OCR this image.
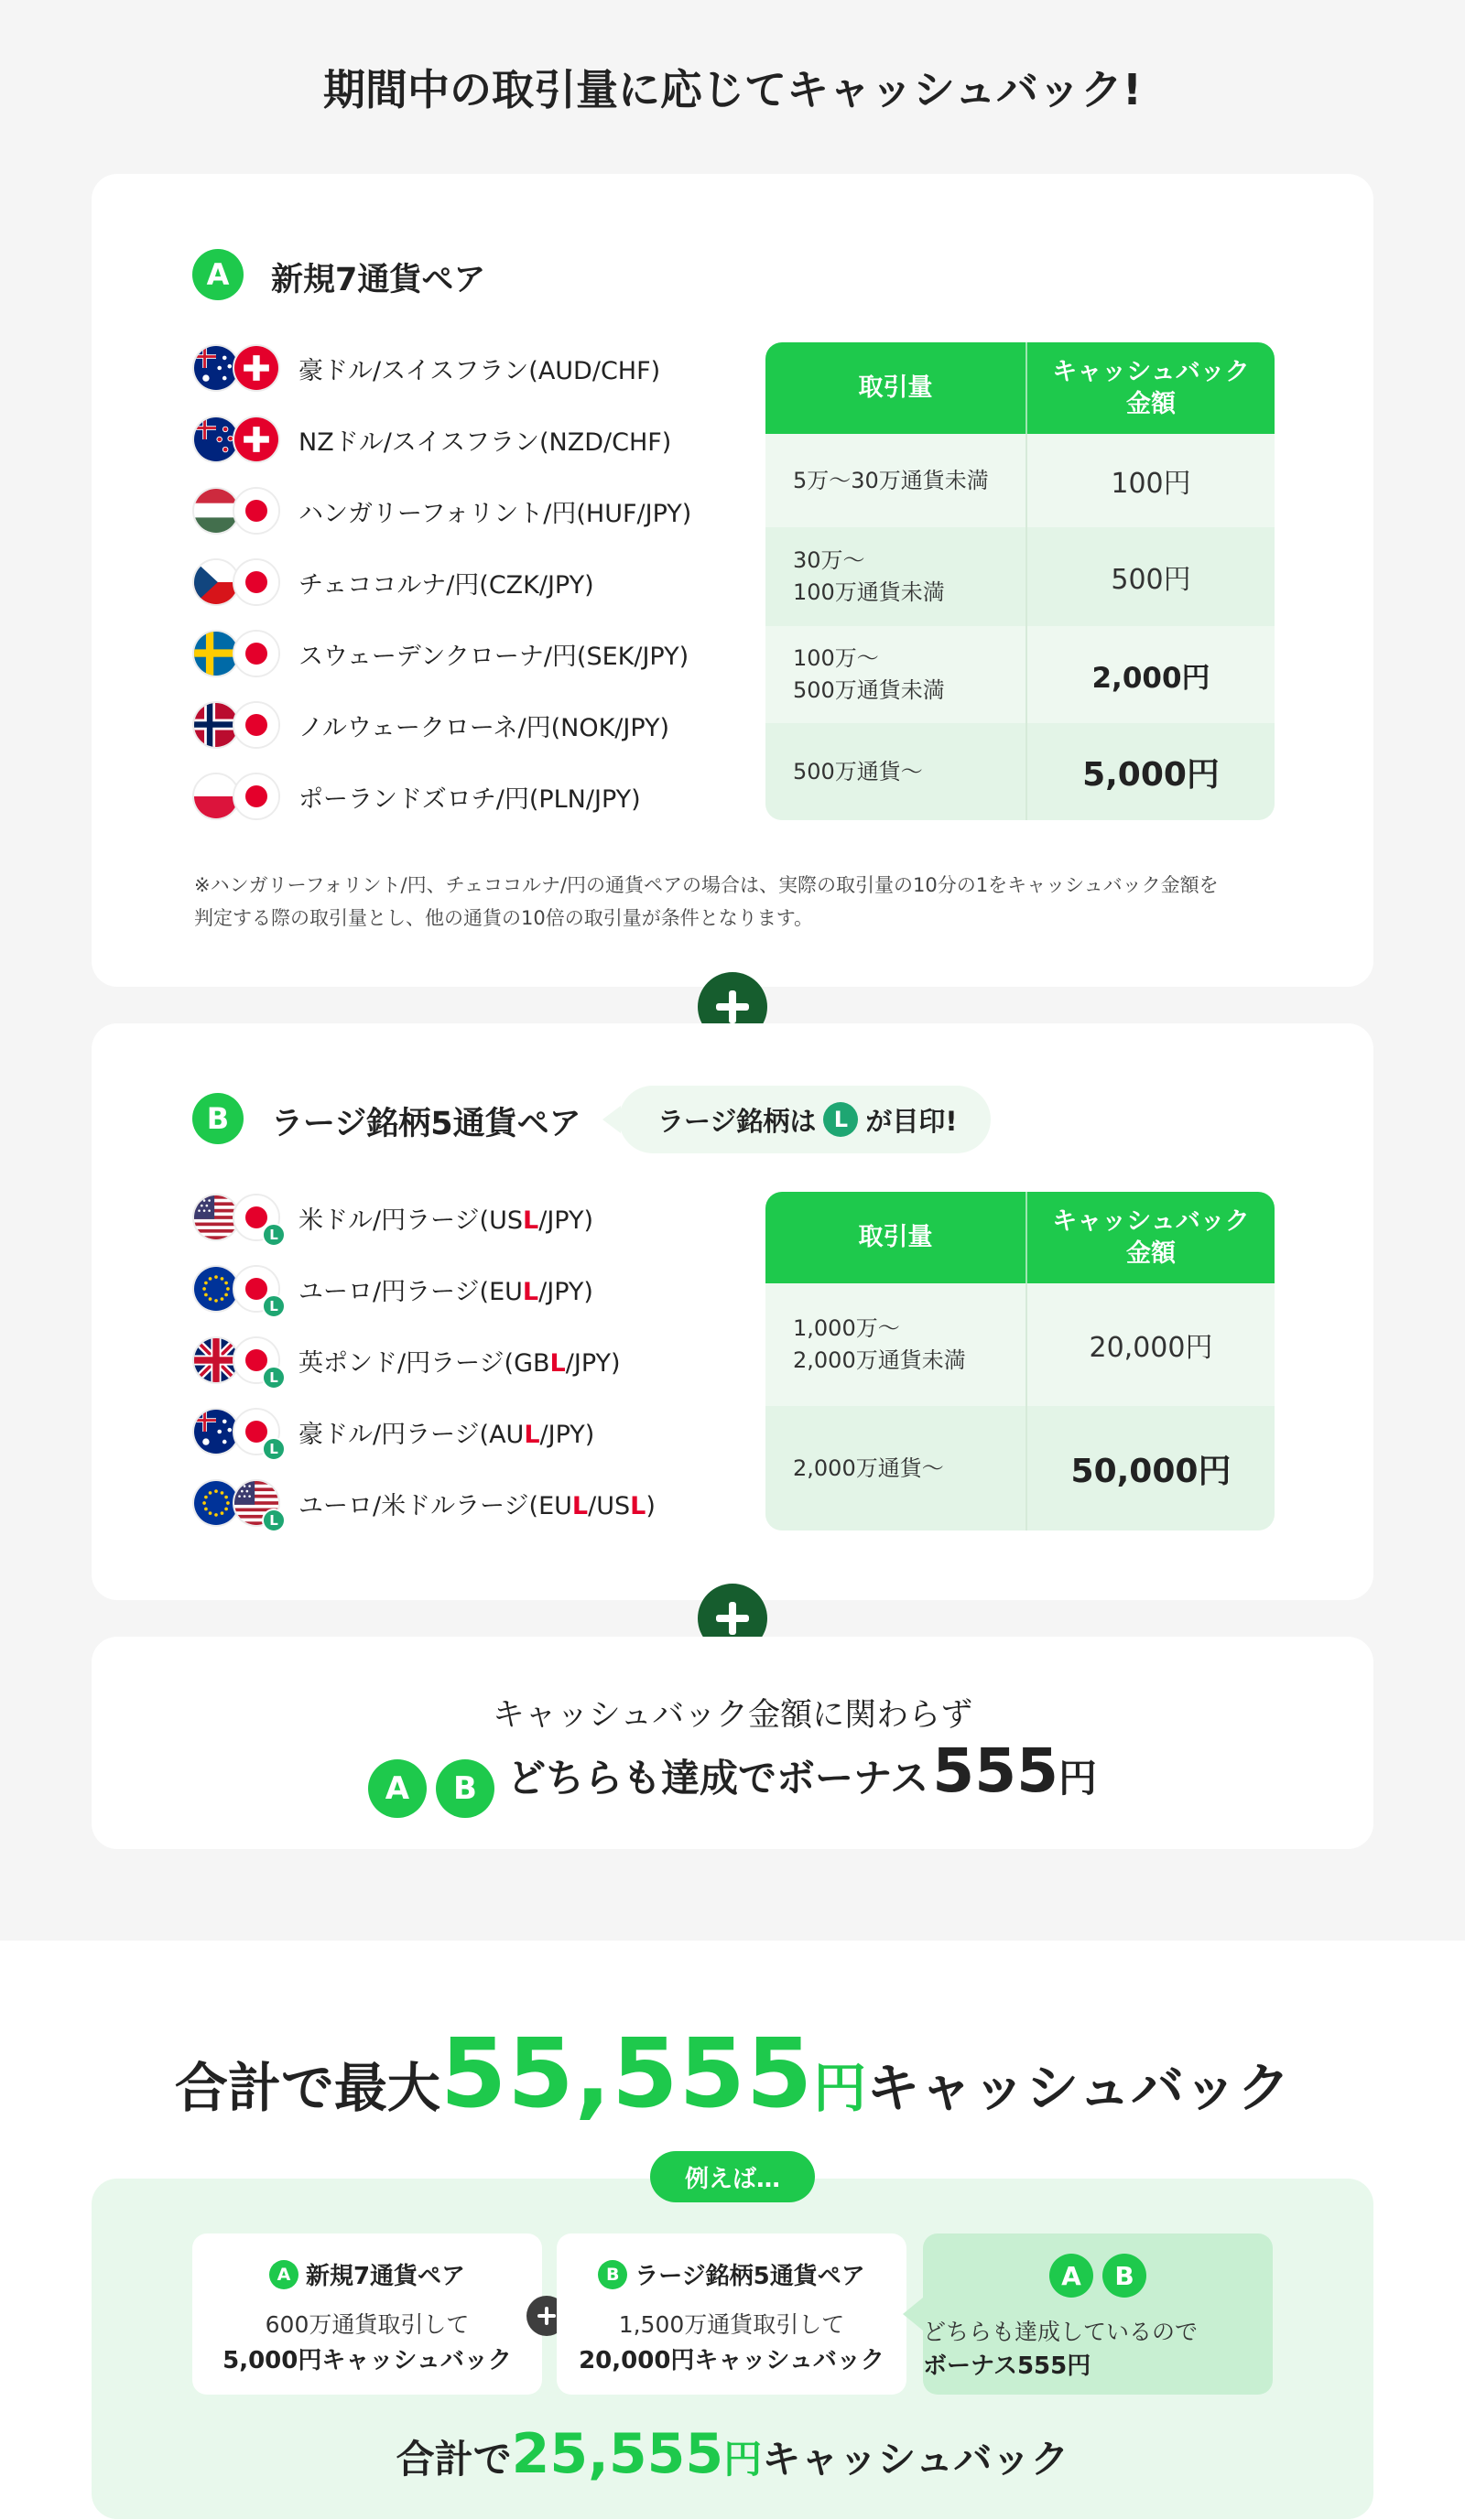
期間中の取引量に応じてキャッシュバック!
A	新規7通貨ペア
豪ドル/スイスフラン(AUD/CHF)
NZドル/スイスフラン(NZD/CHF)
ハンガリーフォリント/円(HUF/JPY)
チェココルナ/円(CZK/JPY)
スウェーデンクローナ/円(SEK/JPY)
ノルウェークローネ/円(NOK/JPY)
ポーランドズロチ/円(PLN/JPY)
取引量
キャッシュバック
金額
5万〜30万通貨未満	100円
30万〜
100万通貨未満	500円
100万〜
500万通貨未満	2,000円
500万通貨〜	5,000円
※ハンガリーフォリント/円、チェココルナ/円の通貨ペアの場合は、実際の取引量の10分の1をキャッシュバック金額を
判定する際の取引量とし、他の通貨の10倍の取引量が条件となります。
B	ラージ銘柄5通貨ペア
L
米ドル/円ラージ(USL/JPY)
L
ユーロ/円ラージ(EUL/JPY)
L
英ポンド/円ラージ(GBL/JPY)
L
豪ドル/円ラージ(AUL/JPY)
L
ユーロ/米ドルラージ(EUL/USL)
取引量
キャッシュバック
金額
1,000万〜
2,000万通貨未満	20,000円
2,000万通貨〜	50,000円
ラージ銘柄は L が目印!
キャッシュバック金額に関わらず
A	B どちらも達成でボーナス 555 円
合計で最大 55,555 円 キャッシュバック
A 新規7通貨ペア
600万通貨取引して
5,000円キャッシュバック
B ラージ銘柄5通貨ペア
1,500万通貨取引して
20,000円キャッシュバック
A	B
どちらも達成しているので
ボーナス555円
合計で 25,555 円 キャッシュバック
例えば…
